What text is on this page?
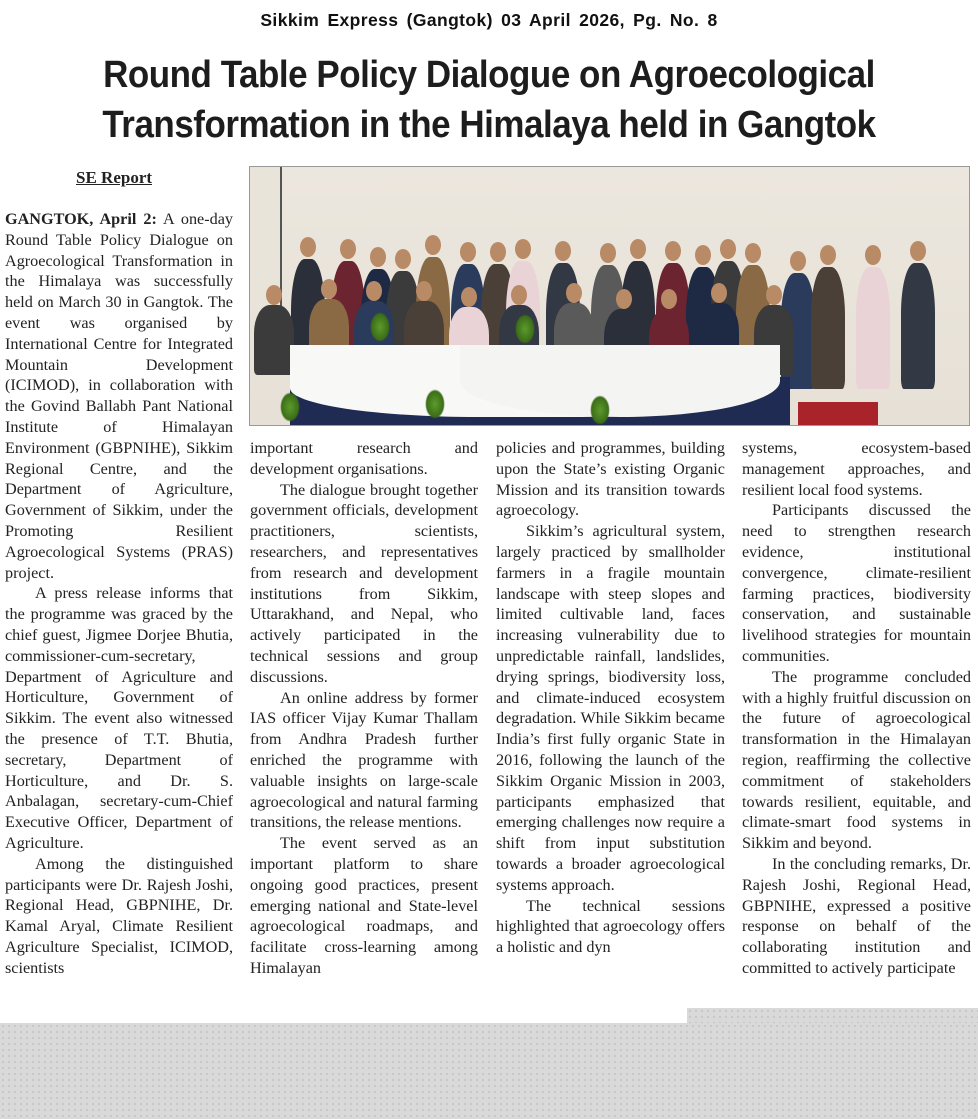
Sikkim Express (Gangtok) 03 April 2026, Pg. No. 8
Round Table Policy Dialogue on Agroecological
Transformation in the Himalaya held in Gangtok
SE Report

GANGTOK, April 2: A one-day Round Table Policy Dialogue on Agroecological Transformation in the Himalaya was successfully held on March 30 in Gangtok. The event was organised by International Centre for Integrated Mountain Development (ICIMOD), in collaboration with the Govind Ballabh Pant National Institute of Himalayan Environment (GBPNIHE), Sikkim Regional Centre, and the Department of Agriculture, Government of Sikkim, under the Promoting Resilient Agroecological Systems (PRAS) project.

A press release informs that the programme was graced by the chief guest, Jigmee Dorjee Bhutia, commissioner-cum-secretary, Department of Agriculture and Horticulture, Government of Sikkim. The event also witnessed the presence of T.T. Bhutia, secretary, Department of Horticulture, and Dr. S. Anbalagan, secretary-cum-Chief Executive Officer, Department of Agriculture.

Among the distinguished participants were Dr. Rajesh Joshi, Regional Head, GBPNIHE, Dr. Kamal Aryal, Climate Resilient Agriculture Specialist, ICIMOD, scientists

important research and development organisations.

The dialogue brought together government officials, development practitioners, scientists, researchers, and representatives from research and development institutions from Sikkim, Uttarakhand, and Nepal, who actively participated in the technical sessions and group discussions.

An online address by former IAS officer Vijay Kumar Thallam from Andhra Pradesh further enriched the programme with valuable insights on large-scale agroecological and natural farming transitions, the release mentions.

The event served as an important platform to share ongoing good practices, present emerging national and State-level agroecological roadmaps, and facilitate cross-learning among Himalayan

policies and programmes, building upon the State’s existing Organic Mission and its transition towards agroecology.

Sikkim’s agricultural system, largely practiced by smallholder farmers in a fragile mountain landscape with steep slopes and limited cultivable land, faces increasing vulnerability due to unpredictable rainfall, landslides, drying springs, biodiversity loss, and climate-induced ecosystem degradation. While Sikkim became India’s first fully organic State in 2016, following the launch of the Sikkim Organic Mission in 2003, participants emphasized that emerging challenges now require a shift from input substitution towards a broader agroecological systems approach.

The technical sessions highlighted that agroecology offers a holistic and dyn

systems, ecosystem-based management approaches, and resilient local food systems.

Participants discussed the need to strengthen research evidence, institutional convergence, climate-resilient farming practices, biodiversity conservation, and sustainable livelihood strategies for mountain communities.

The programme concluded with a highly fruitful discussion on the future of agroecological transformation in the Himalayan region, reaffirming the collective commitment of stakeholders towards resilient, equitable, and climate-smart food systems in Sikkim and beyond.

In the concluding remarks, Dr. Rajesh Joshi, Regional Head, GBPNIHE, expressed a positive response on behalf of the collaborating institution and committed to actively participate
